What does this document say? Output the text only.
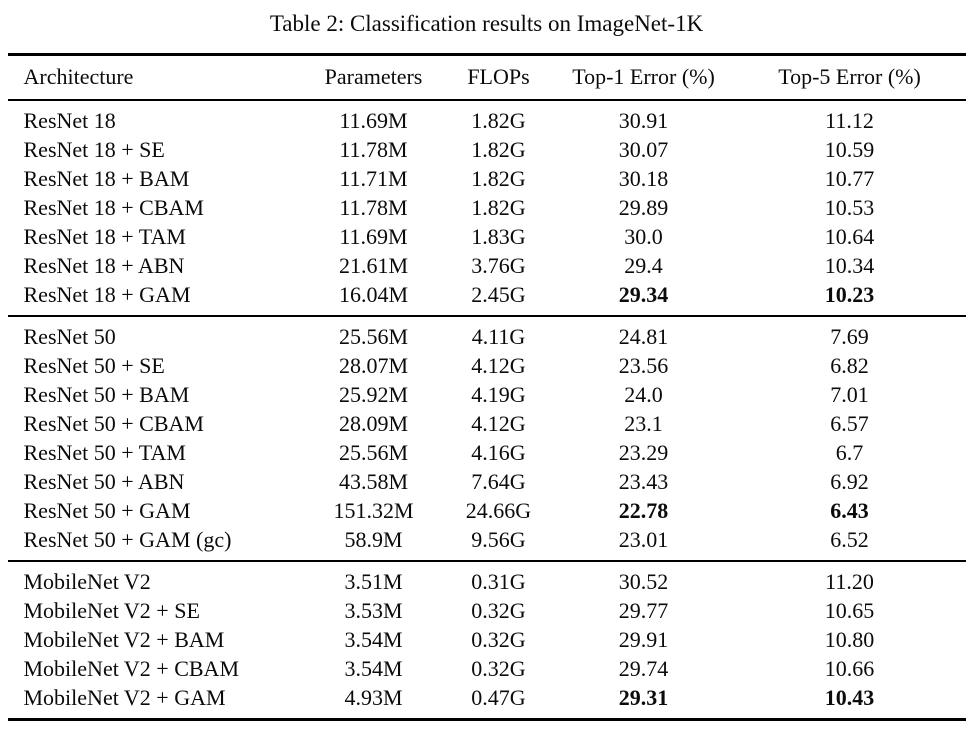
Table 2: Classification results on ImageNet-1K
Architecture	Parameters	FLOPs	Top-1 Error (%)	Top-5 Error (%)
ResNet 18	11.69M	1.82G	30.91	11.12
ResNet 18 + SE	11.78M	1.82G	30.07	10.59
ResNet 18 + BAM	11.71M	1.82G	30.18	10.77
ResNet 18 + CBAM	11.78M	1.82G	29.89	10.53
ResNet 18 + TAM	11.69M	1.83G	30.0	10.64
ResNet 18 + ABN	21.61M	3.76G	29.4	10.34
ResNet 18 + GAM	16.04M	2.45G	29.34	10.23
ResNet 50	25.56M	4.11G	24.81	7.69
ResNet 50 + SE	28.07M	4.12G	23.56	6.82
ResNet 50 + BAM	25.92M	4.19G	24.0	7.01
ResNet 50 + CBAM	28.09M	4.12G	23.1	6.57
ResNet 50 + TAM	25.56M	4.16G	23.29	6.7
ResNet 50 + ABN	43.58M	7.64G	23.43	6.92
ResNet 50 + GAM	151.32M	24.66G	22.78	6.43
ResNet 50 + GAM (gc)	58.9M	9.56G	23.01	6.52
MobileNet V2	3.51M	0.31G	30.52	11.20
MobileNet V2 + SE	3.53M	0.32G	29.77	10.65
MobileNet V2 + BAM	3.54M	0.32G	29.91	10.80
MobileNet V2 + CBAM	3.54M	0.32G	29.74	10.66
MobileNet V2 + GAM	4.93M	0.47G	29.31	10.43
